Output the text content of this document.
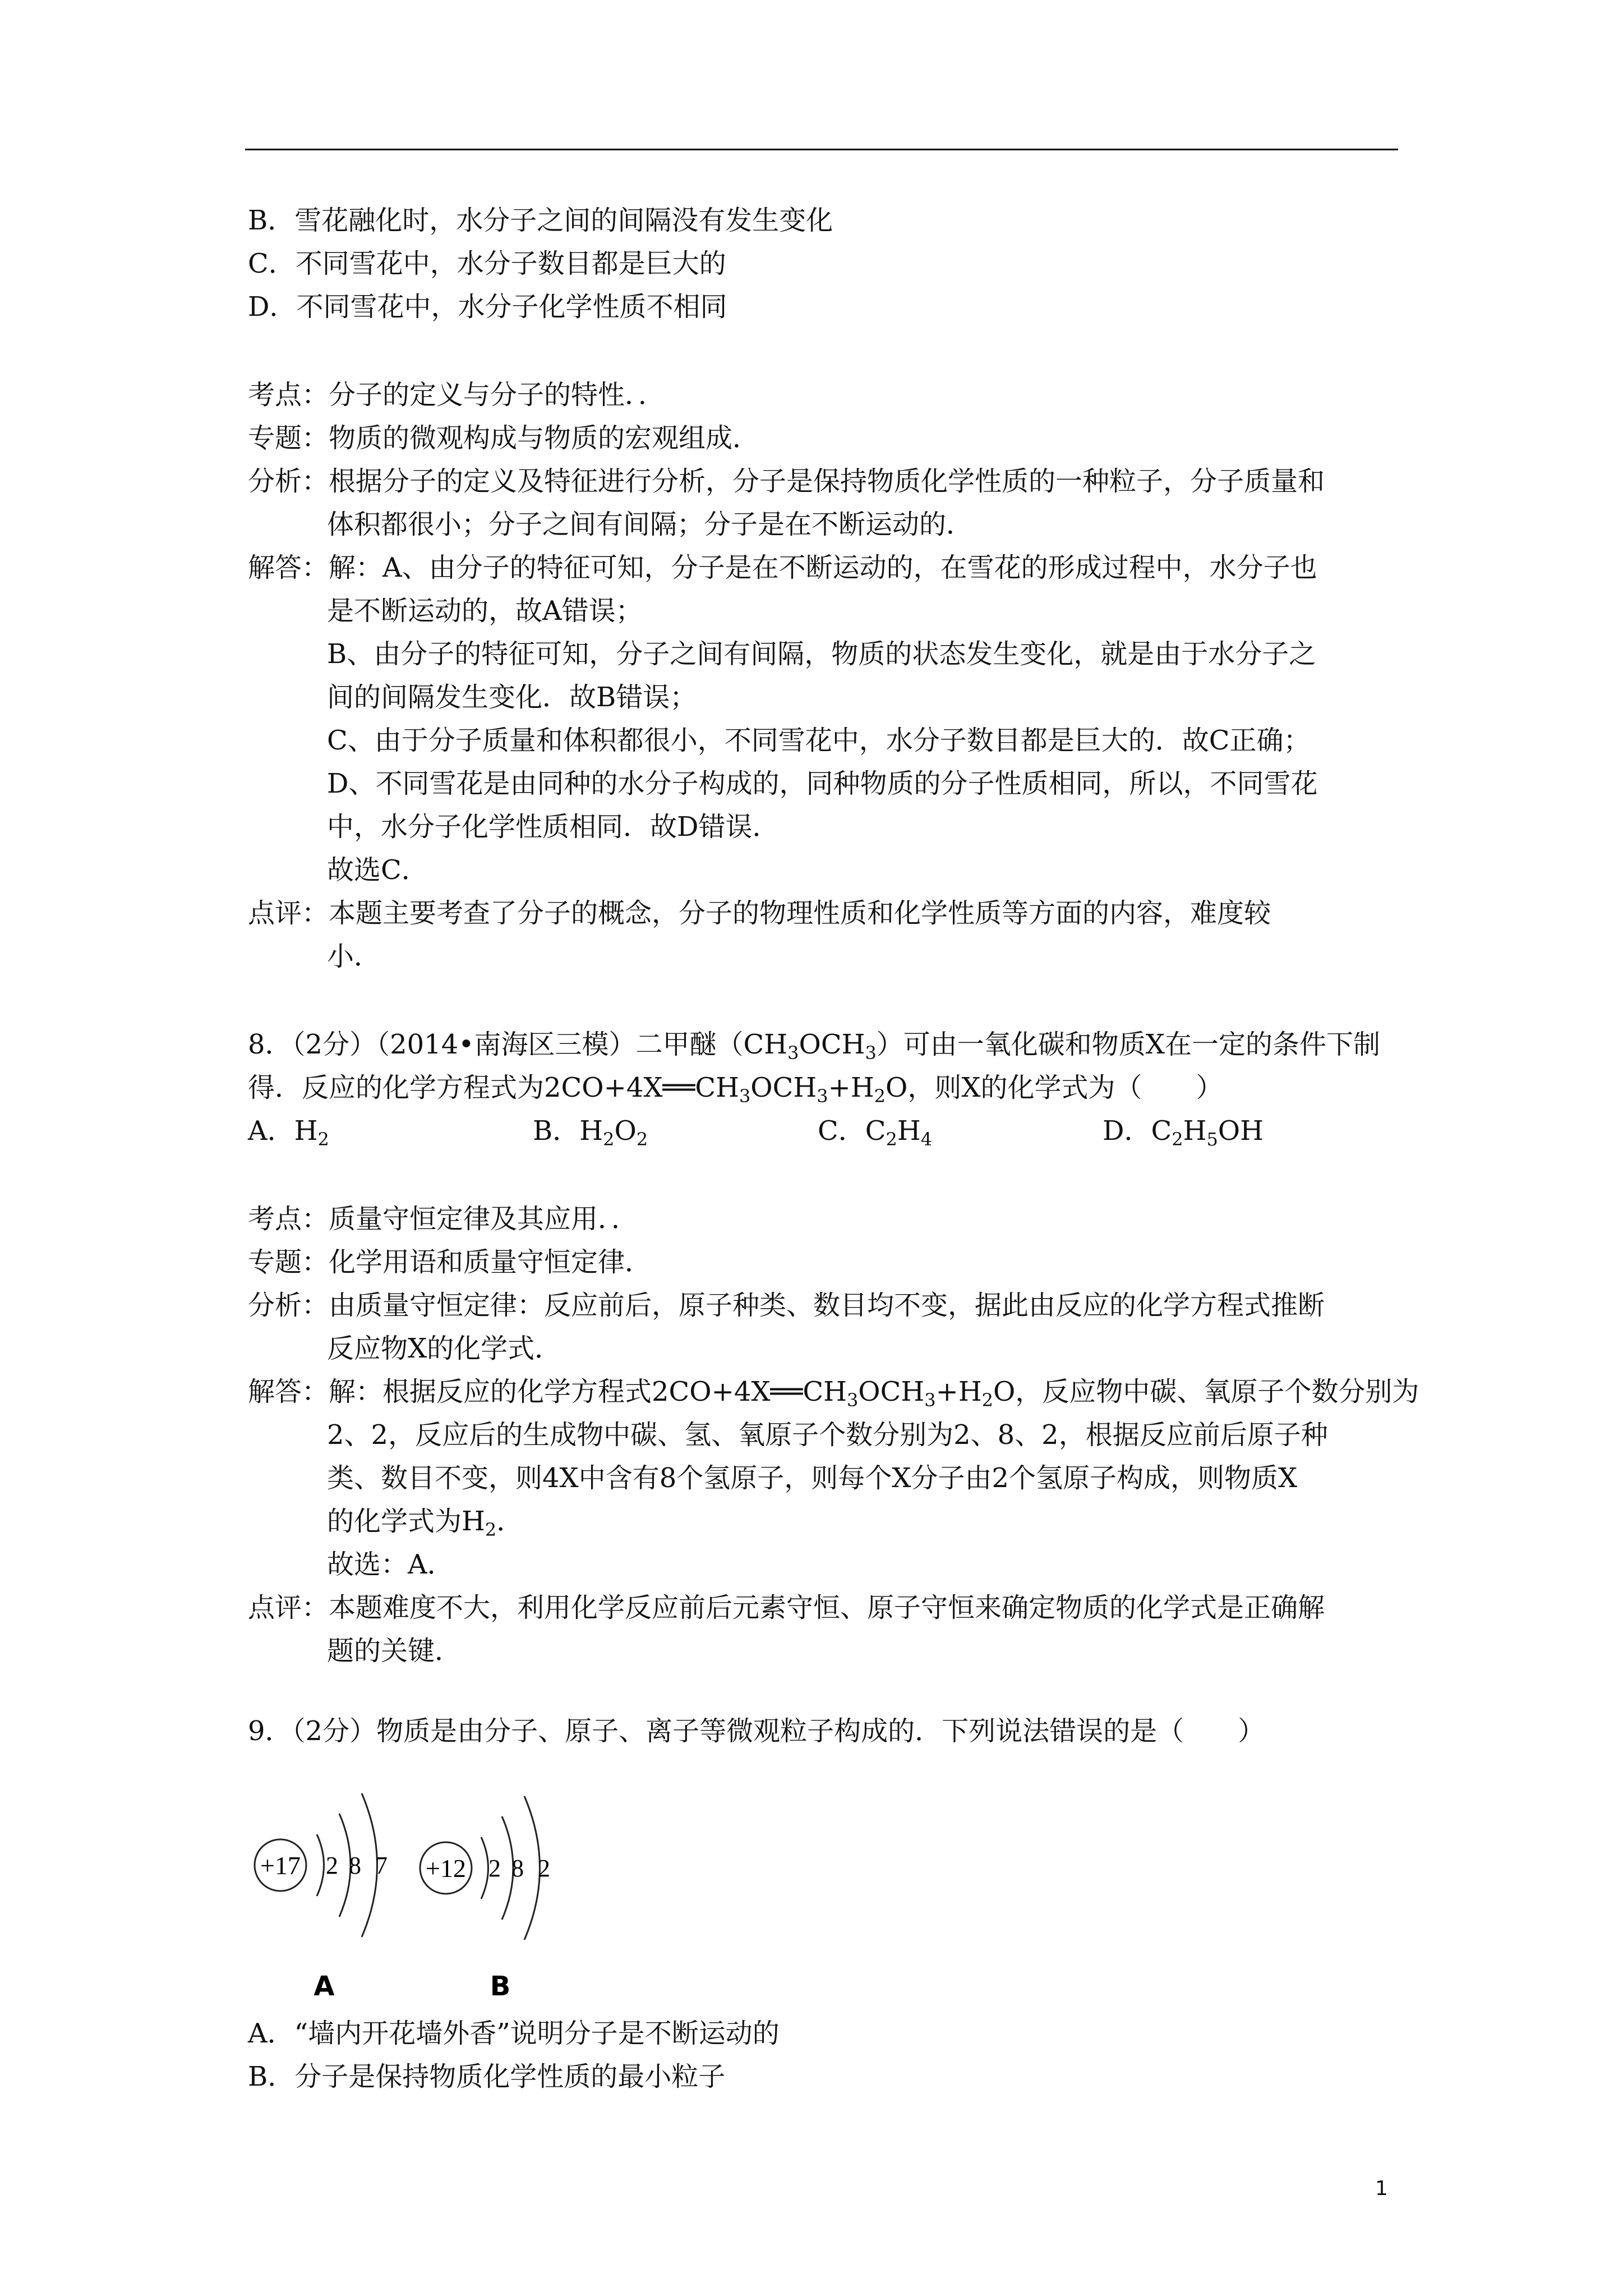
B．雪花融化时，水分子之间的间隔没有发生变化
C．不同雪花中，水分子数目都是巨大的
D．不同雪花中，水分子化学性质不相同
考点：分子的定义与分子的特性．．
专题：物质的微观构成与物质的宏观组成．
分析：根据分子的定义及特征进行分析，分子是保持物质化学性质的一种粒子，分子质量和
体积都很小；分子之间有间隔；分子是在不断运动的．
解答：解：A、由分子的特征可知，分子是在不断运动的，在雪花的形成过程中，水分子也
是不断运动的，故A错误；
B、由分子的特征可知，分子之间有间隔，物质的状态发生变化，就是由于水分子之
间的间隔发生变化．故B错误；
C、由于分子质量和体积都很小，不同雪花中，水分子数目都是巨大的．故C正确；
D、不同雪花是由同种的水分子构成的，同种物质的分子性质相同，所以，不同雪花
中，水分子化学性质相同．故D错误．
故选C．
点评：本题主要考查了分子的概念，分子的物理性质和化学性质等方面的内容，难度较
小．
8．（2分）（2014•南海区三模）二甲醚$(CH_3OCH_3)$可由一氧化碳和物质X在一定的条件下制
得．反应的化学方程式为$2CO+4X══CH_3OCH_3+H_2O$，则X的化学式为（　　）
A．$H_2$	B．$H_2O_2$	C．$C_2H_4$	D．$C_2H_5OH$
考点：质量守恒定律及其应用．．
专题：化学用语和质量守恒定律．
分析：由质量守恒定律：反应前后，原子种类、数目均不变，据此由反应的化学方程式推断
反应物X的化学式．
解答：解：根据反应的化学方程式$2CO+4X══CH_3OCH_3+H_2O$，反应物中碳、氧原子个数分别为
2、2，反应后的生成物中碳、氢、氧原子个数分别为2、8、2，根据反应前后原子种
类、数目不变，则4X中含有8个氢原子，则每个X分子由2个氢原子构成，则物质X
的化学式为$H_2$．
故选：A．
点评：本题难度不大，利用化学反应前后元素守恒、原子守恒来确定物质的化学式是正确解
题的关键．
9．（2分）物质是由分子、原子、离子等微观粒子构成的．下列说法错误的是（　　）
+17 2 8 7
A
+12 2 8 2
B
A．“墙内开花墙外香”说明分子是不断运动的
B．分子是保持物质化学性质的最小粒子
1
